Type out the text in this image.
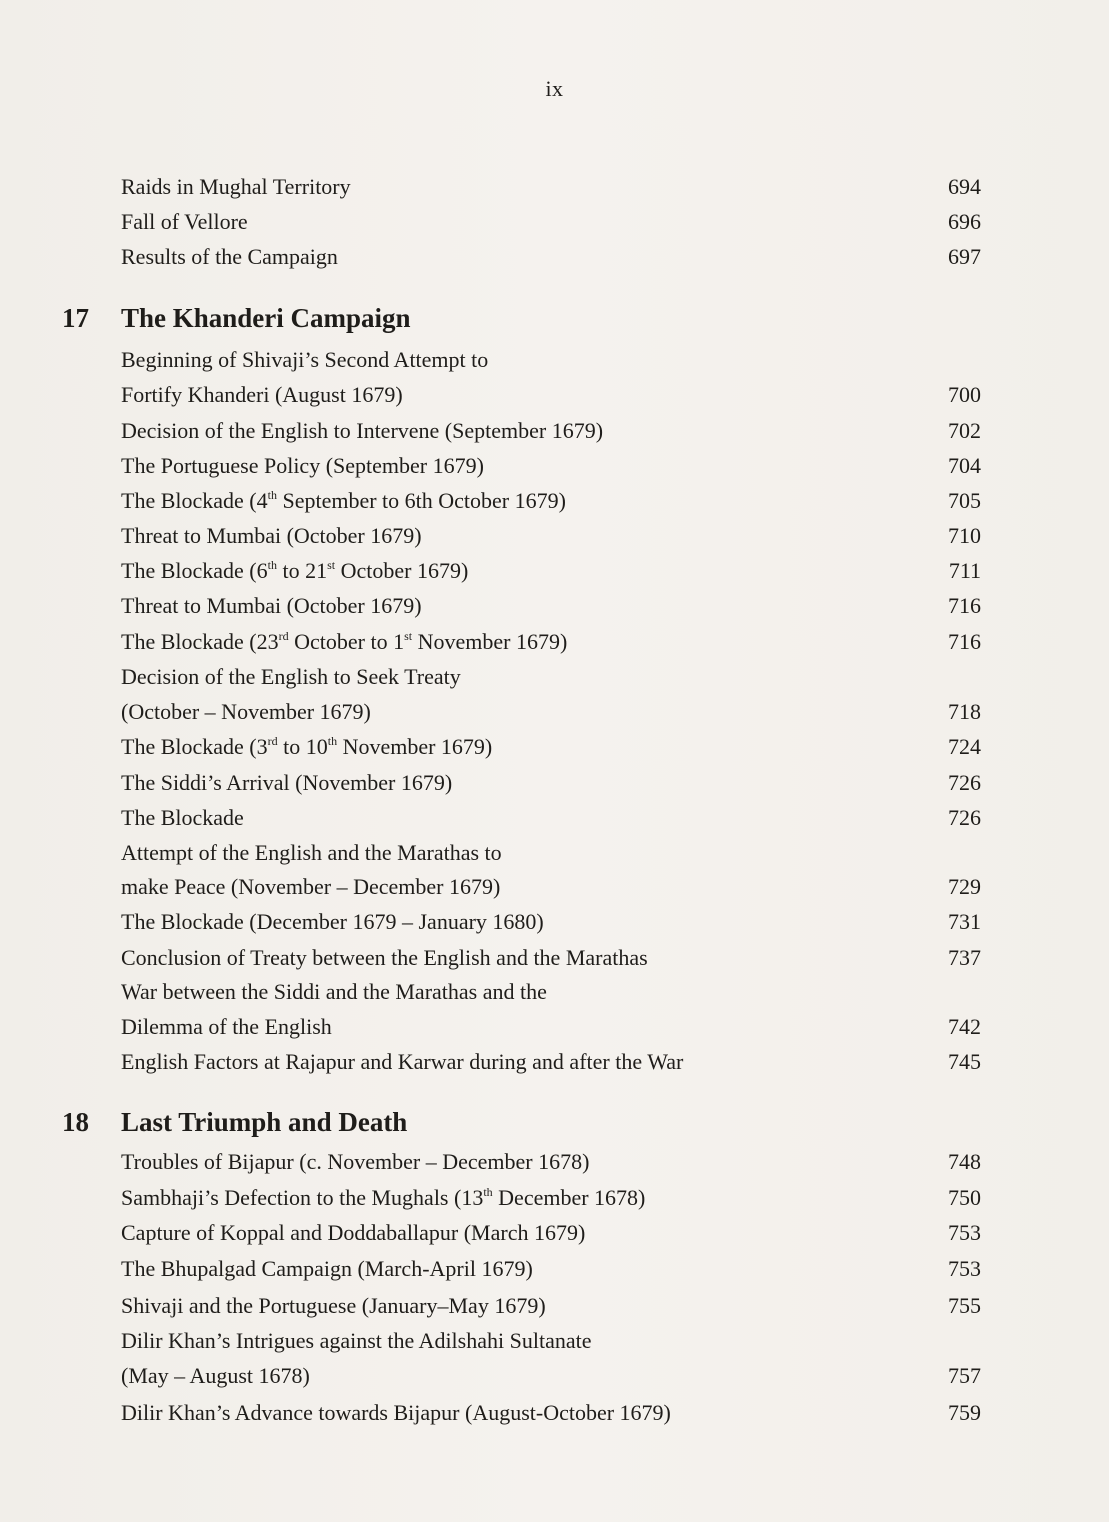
ix
Raids in Mughal Territory	694
Fall of Vellore	696
Results of the Campaign	697
17 The Khanderi Campaign
Beginning of Shivaji’s Second Attempt to
Fortify Khanderi (August 1679)	700
Decision of the English to Intervene (September 1679)	702
The Portuguese Policy (September 1679)	704
The Blockade (4th September to 6th October 1679)	705
Threat to Mumbai (October 1679)	710
The Blockade (6th to 21st October 1679)	711
Threat to Mumbai (October 1679)	716
The Blockade (23rd October to 1st November 1679)	716
Decision of the English to Seek Treaty
(October – November 1679)	718
The Blockade (3rd to 10th November 1679)	724
The Siddi’s Arrival (November 1679)	726
The Blockade	726
Attempt of the English and the Marathas to
make Peace (November – December 1679)	729
The Blockade (December 1679 – January 1680)	731
Conclusion of Treaty between the English and the Marathas	737
War between the Siddi and the Marathas and the
Dilemma of the English	742
English Factors at Rajapur and Karwar during and after the War	745
18 Last Triumph and Death
Troubles of Bijapur (c. November – December 1678)	748
Sambhaji’s Defection to the Mughals (13th December 1678)	750
Capture of Koppal and Doddaballapur (March 1679)	753
The Bhupalgad Campaign (March-April 1679)	753
Shivaji and the Portuguese (January–May 1679)	755
Dilir Khan’s Intrigues against the Adilshahi Sultanate
(May – August 1678)	757
Dilir Khan’s Advance towards Bijapur (August-October 1679)	759
